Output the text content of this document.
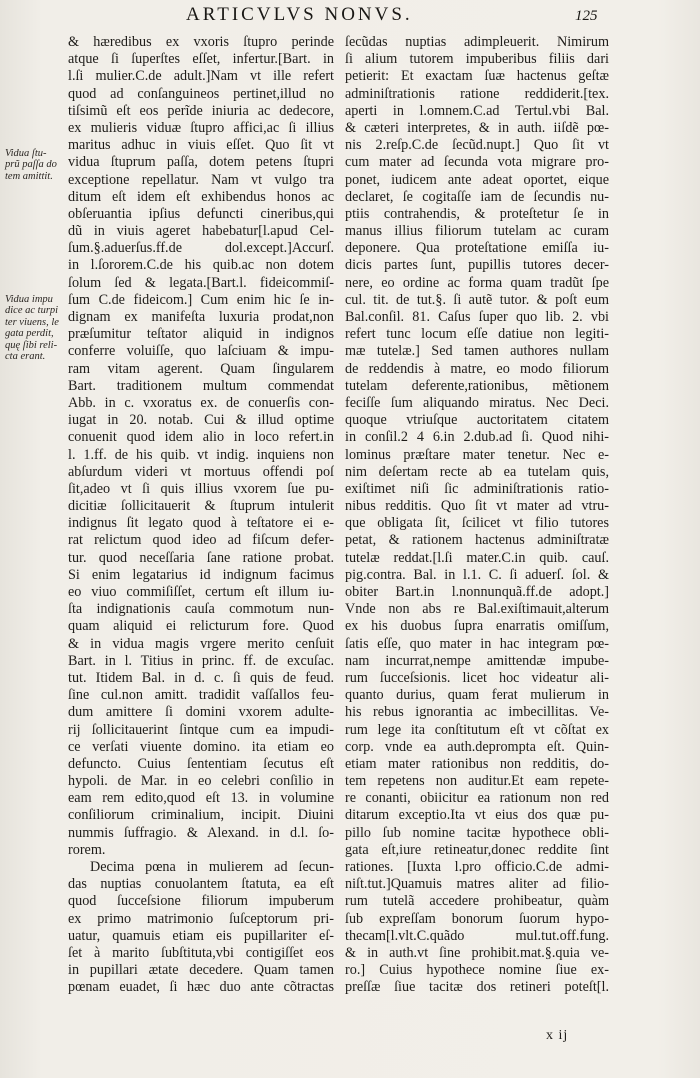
ARTICVLVS NONVS.	125
Vidua ſtu-
prũ paſſa do
tem amittit.
Vidua impu
dice ac turpi
ter viuens, le
gata perdit,
quę ſibi reli-
cta erant.
& hæredibus ex vxoris ſtupro perinde
atque ſi ſuperſtes eſſet, infertur.[Bart. in
l.ſi mulier.C.de adult.]Nam vt ille refert
quod ad conſanguineos pertinet,illud no
tiſsimũ eſt eos perĩde iniuria ac dedecore,
ex mulieris viduæ ſtupro affici,ac ſi illius
maritus adhuc in viuis eſſet. Quo ſit vt
vidua ſtuprum paſſa, dotem petens ſtupri
exceptione repellatur. Nam vt vulgo tra
ditum eſt idem eſt exhibendus honos ac
obſeruantia ipſius defuncti cineribus,qui
dũ in viuis ageret habebatur[l.apud Cel-
ſum.§.aduerſus.ff.de dol.except.]Accurſ.
in l.ſororem.C.de his quib.ac non dotem
ſolum ſed & legata.[Bart.l. fideicommiſ-
ſum C.de fideicom.] Cum enim hic ſe in-
dignam ex manifeſta luxuria prodat,non
præſumitur teſtator aliquid in indignos
conferre voluiſſe, quo laſciuam & impu-
ram vitam agerent. Quam ſingularem
Bart. traditionem multum commendat
Abb. in c. vxoratus ex. de conuerſis con-
iugat in 20. notab. Cui & illud optime
conuenit quod idem alio in loco refert.in
l. 1.ff. de his quib. vt indig. inquiens non
abſurdum videri vt mortuus offendi poſ
ſit,adeo vt ſi quis illius vxorem ſue pu-
dicitiæ ſollicitauerit & ſtuprum intulerit
indignus ſit legato quod à teſtatore ei e-
rat relictum quod ideo ad fiſcum defer-
tur. quod neceſſaria ſane ratione probat.
Si enim legatarius id indignum facimus
eo viuo commiſiſſet, certum eſt illum iu-
ſta indignationis cauſa commotum nun-
quam aliquid ei relicturum fore. Quod
& in vidua magis vrgere merito cenſuit
Bart. in l. Titius in princ. ff. de excuſac.
tut. Itidem Bal. in d. c. ſi quis de feud.
ſine cul.non amitt. tradidit vaſſallos feu-
dum amittere ſi domini vxorem adulte-
rij ſollicitauerint ſintque cum ea impudi-
ce verſati viuente domino. ita etiam eo
defuncto. Cuius ſententiam ſecutus eſt
hypoli. de Mar. in eo celebri conſilio in
eam rem edito,quod eſt 13. in volumine
conſiliorum criminalium, incipit. Diuini
nummis ſuffragio. & Alexand. in d.l. ſo-
rorem.
Decima pœna in mulierem ad ſecun-
das nuptias conuolantem ſtatuta, ea eſt
quod ſucceſsione filiorum impuberum
ex primo matrimonio ſuſceptorum pri-
uatur, quamuis etiam eis pupillariter eſ-
ſet à marito ſubſtituta,vbi contigiſſet eos
in pupillari ætate decedere. Quam tamen
pœnam euadet, ſi hæc duo ante cõtractas
ſecũdas nuptias adimpleuerit. Nimirum
ſi alium tutorem impuberibus filiis dari
petierit: Et exactam ſuæ hactenus geſtæ
adminiſtrationis ratione reddiderit.[tex.
aperti in l.omnem.C.ad Tertul.vbi Bal.
& cæteri interpretes, & in auth. iiſdẽ pœ-
nis 2.reſp.C.de ſecũd.nupt.] Quo ſit vt
cum mater ad ſecunda vota migrare pro-
ponet, iudicem ante adeat oportet, eique
declaret, ſe cogitaſſe iam de ſecundis nu-
ptiis contrahendis, & proteſtetur ſe in
manus illius filiorum tutelam ac curam
deponere. Qua proteſtatione emiſſa iu-
dicis partes ſunt, pupillis tutores decer-
nere, eo ordine ac forma quam tradũt ſpe
cul. tit. de tut.§. ſi autẽ tutor. & poſt eum
Bal.conſil. 81. Caſus ſuper quo lib. 2. vbi
refert tunc locum eſſe datiue non legiti-
mæ tutelæ.] Sed tamen authores nullam
de reddendis à matre, eo modo filiorum
tutelam deferente,rationibus, mẽtionem
feciſſe ſum aliquando miratus. Nec Deci.
quoque vtriuſque auctoritatem citatem
in conſil.2 4 6.in 2.dub.ad ſi. Quod nihi-
lominus præſtare mater tenetur. Nec e-
nim deſertam recte ab ea tutelam quis,
exiſtimet niſi ſic adminiſtrationis ratio-
nibus redditis. Quo ſit vt mater ad vtru-
que obligata ſit, ſcilicet vt filio tutores
petat, & rationem hactenus adminiſtratæ
tutelæ reddat.[l.ſi mater.C.in quib. cauſ.
pig.contra. Bal. in l.1. C. ſi aduerſ. ſol. &
obiter Bart.in l.nonnunquã.ff.de adopt.]
Vnde non abs re Bal.exiſtimauit,alterum
ex his duobus ſupra enarratis omiſſum,
ſatis eſſe, quo mater in hac integram pœ-
nam incurrat,nempe amittendæ impube-
rum ſucceſsionis. licet hoc videatur ali-
quanto durius, quam ferat mulierum in
his rebus ignorantia ac imbecillitas. Ve-
rum lege ita conſtitutum eſt vt cõſtat ex
corp. vnde ea auth.deprompta eſt. Quin-
etiam mater rationibus non redditis, do-
tem repetens non auditur.Et eam repete-
re conanti, obiicitur ea rationum non red
ditarum exceptio.Ita vt eius dos quæ pu-
pillo ſub nomine tacitæ hypothece obli-
gata eſt,iure retineatur,donec reddite ſint
rationes. [Iuxta l.pro officio.C.de admi-
niſt.tut.]Quamuis matres aliter ad filio-
rum tutelã accedere prohibeatur, quàm
ſub expreſſam bonorum ſuorum hypo-
thecam[l.vlt.C.quãdo mul.tut.off.fung.
& in auth.vt ſine prohibit.mat.§.quia ve-
ro.] Cuius hypothece nomine ſiue ex-
preſſæ ſiue tacitæ dos retineri poteſt[l.
x ij
